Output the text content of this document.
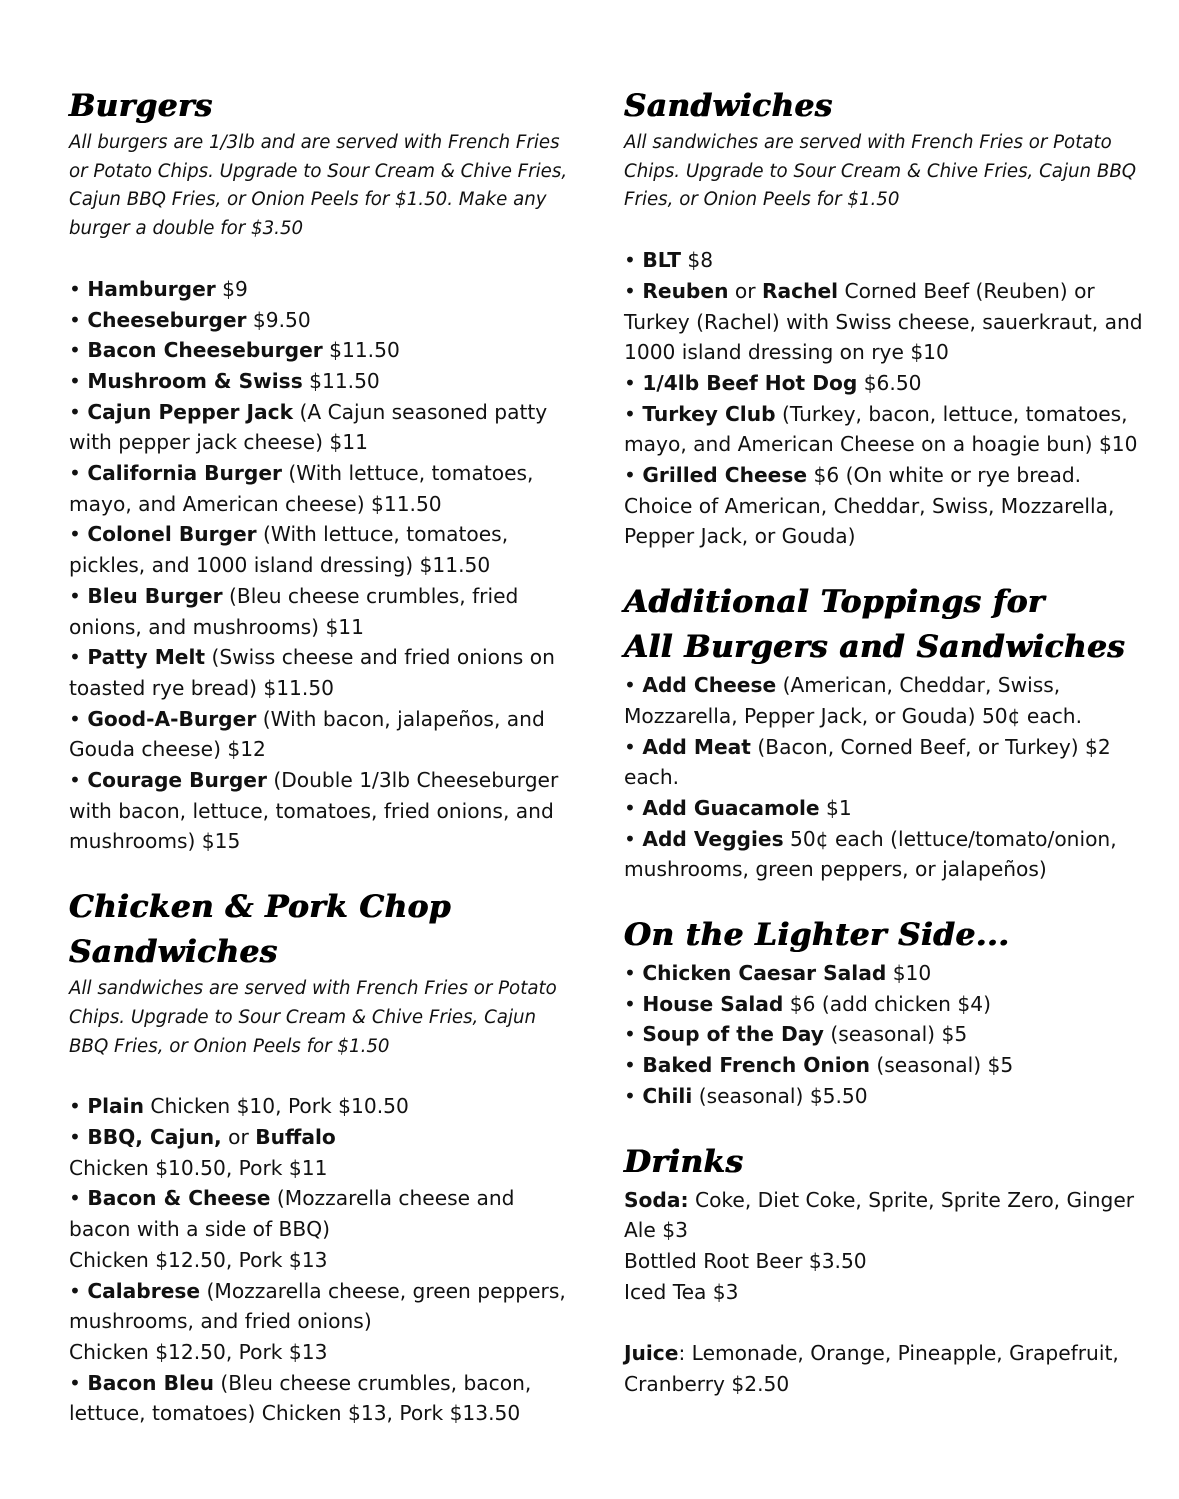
Burgers

All burgers are 1/3lb and are served with French Fries or Potato Chips. Upgrade to Sour Cream & Chive Fries, Cajun BBQ Fries, or Onion Peels for $1.50. Make any burger a double for $3.50

• Hamburger $9
• Cheeseburger $9.50
• Bacon Cheeseburger $11.50
• Mushroom & Swiss $11.50
• Cajun Pepper Jack (A Cajun seasoned patty with pepper jack cheese) $11
• California Burger (With lettuce, tomatoes, mayo, and American cheese) $11.50
• Colonel Burger (With lettuce, tomatoes, pickles, and 1000 island dressing) $11.50
• Bleu Burger (Bleu cheese crumbles, fried onions, and mushrooms) $11
• Patty Melt (Swiss cheese and fried onions on toasted rye bread) $11.50
• Good-A-Burger (With bacon, jalapeños, and Gouda cheese) $12
• Courage Burger (Double 1/3lb Cheeseburger with bacon, lettuce, tomatoes, fried onions, and mushrooms) $15
Chicken & Pork Chop
Sandwiches

All sandwiches are served with French Fries or Potato Chips. Upgrade to Sour Cream & Chive Fries, Cajun BBQ Fries, or Onion Peels for $1.50

• Plain Chicken $10, Pork $10.50
• BBQ, Cajun, or Buffalo
Chicken $10.50, Pork $11
• Bacon & Cheese (Mozzarella cheese and bacon with a side of BBQ)
Chicken $12.50, Pork $13
• Calabrese (Mozzarella cheese, green peppers, mushrooms, and fried onions)
Chicken $12.50, Pork $13
• Bacon Bleu (Bleu cheese crumbles, bacon, lettuce, tomatoes) Chicken $13, Pork $13.50
Sandwiches

All sandwiches are served with French Fries or Potato Chips. Upgrade to Sour Cream & Chive Fries, Cajun BBQ Fries, or Onion Peels for $1.50

• BLT $8
• Reuben or Rachel Corned Beef (Reuben) or Turkey (Rachel) with Swiss cheese, sauerkraut, and 1000 island dressing on rye $10
• 1/4lb Beef Hot Dog $6.50
• Turkey Club (Turkey, bacon, lettuce, tomatoes, mayo, and American Cheese on a hoagie bun) $10
• Grilled Cheese $6 (On white or rye bread. Choice of American, Cheddar, Swiss, Mozzarella, Pepper Jack, or Gouda)
Additional Toppings for
All Burgers and Sandwiches
• Add Cheese (American, Cheddar, Swiss, Mozzarella, Pepper Jack, or Gouda) 50¢ each.
• Add Meat (Bacon, Corned Beef, or Turkey) $2 each.
• Add Guacamole $1
• Add Veggies 50¢ each (lettuce/tomato/onion, mushrooms, green peppers, or jalapeños)
On the Lighter Side...
• Chicken Caesar Salad $10
• House Salad $6 (add chicken $4)
• Soup of the Day (seasonal) $5
• Baked French Onion (seasonal) $5
• Chili (seasonal) $5.50
Drinks

Soda: Coke, Diet Coke, Sprite, Sprite Zero, Ginger Ale $3

Bottled Root Beer $3.50

Iced Tea $3

Juice: Lemonade, Orange, Pineapple, Grapefruit, Cranberry $2.50
